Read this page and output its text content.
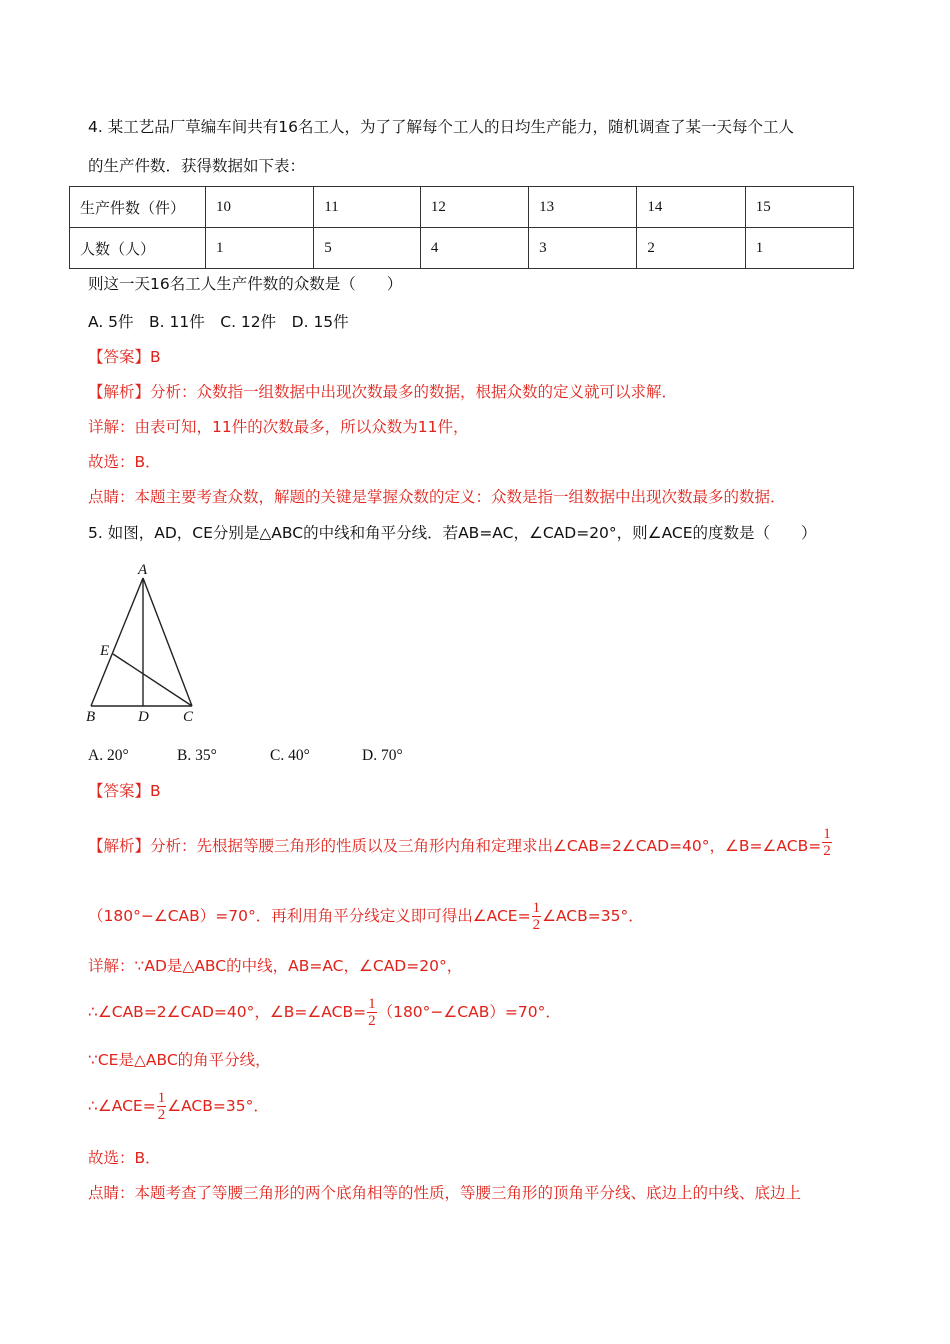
4. 某工艺品厂草编车间共有16名工人，为了了解每个工人的日均生产能力，随机调查了某一天每个工人
的生产件数．获得数据如下表：
生产件数（件）	10	11	12	13	14	15
人数（人）	1	5	4	3	2	1
则这一天16名工人生产件数的众数是（　　）
A. 5件　B. 11件　C. 12件　D. 15件
【答案】B
【解析】分析：众数指一组数据中出现次数最多的数据，根据众数的定义就可以求解．
详解：由表可知，11件的次数最多，所以众数为11件，
故选：B．
点睛：本题主要考查众数，解题的关键是掌握众数的定义：众数是指一组数据中出现次数最多的数据．
5. 如图，AD，CE分别是△ABC的中线和角平分线．若AB=AC，∠CAD=20°，则∠ACE的度数是（　　）
A
B	D C
E
A. 20°	B. 35°	C. 40°	D. 70°
【答案】B
【解析】分析：先根据等腰三角形的性质以及三角形内角和定理求出∠CAB=2∠CAD=40°，∠B=∠ACB= $\frac{1}{2}$
（180°−∠CAB）=70°．再利用角平分线定义即可得出∠ACE= $\frac{1}{2}$ ∠ACB=35°．
详解：∵AD是△ABC的中线，AB=AC，∠CAD=20°，
∴∠CAB=2∠CAD=40°，∠B=∠ACB= $\frac{1}{2}$ （180°−∠CAB）=70°．
∵CE是△ABC的角平分线，
∴∠ACE= $\frac{1}{2}$ ∠ACB=35°．
故选：B．
点睛：本题考查了等腰三角形的两个底角相等的性质，等腰三角形的顶角平分线、底边上的中线、底边上
